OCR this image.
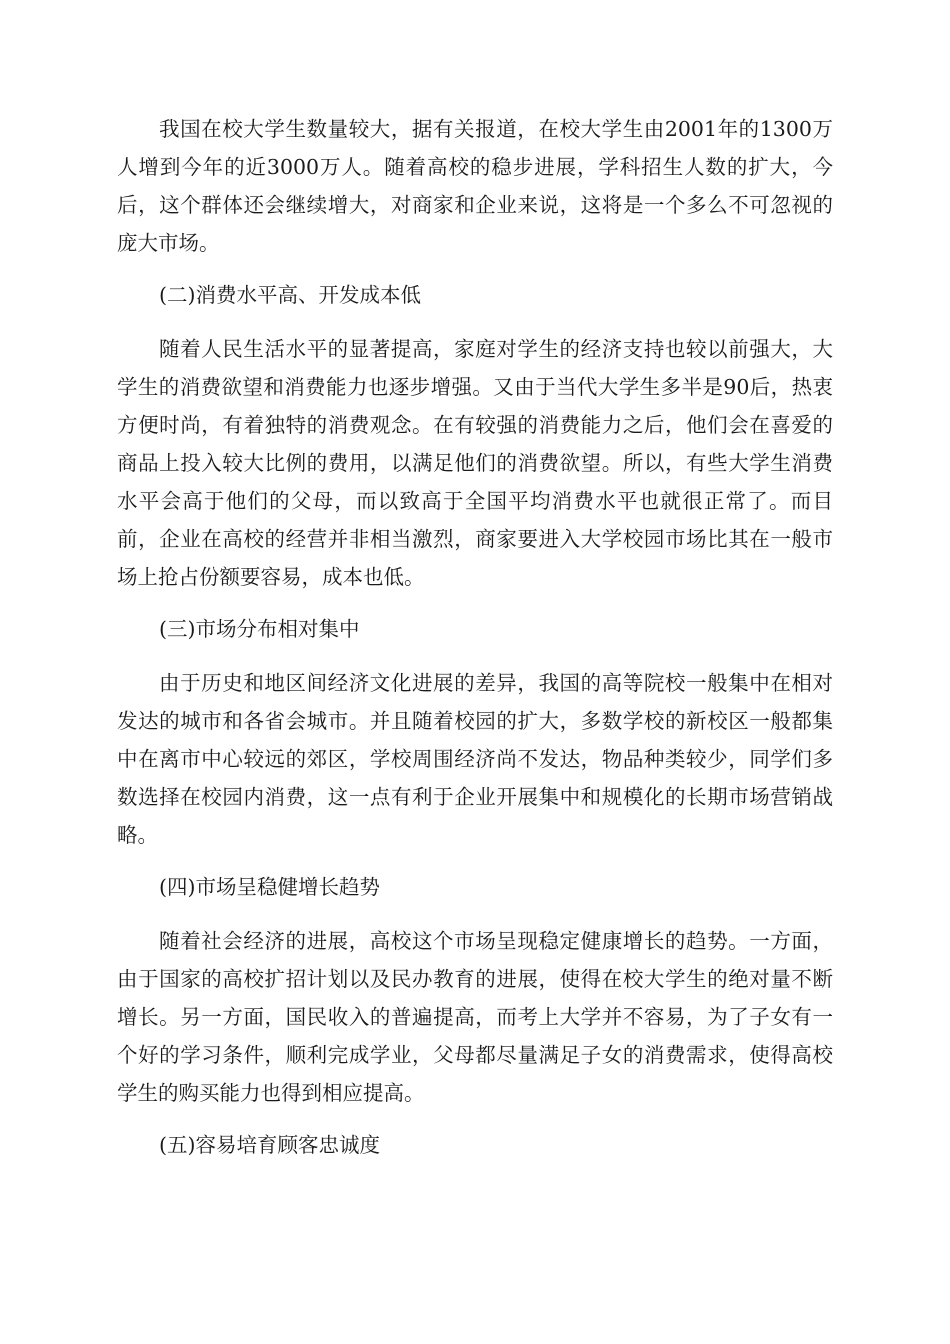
我国在校大学生数量较大，据有关报道，在校大学生由2001年的1300万人增到今年的近3000万人。随着高校的稳步进展，学科招生人数的扩大，今后，这个群体还会继续增大，对商家和企业来说，这将是一个多么不可忽视的庞大市场。

(二)消费水平高、开发成本低

随着人民生活水平的显著提高，家庭对学生的经济支持也较以前强大，大学生的消费欲望和消费能力也逐步增强。又由于当代大学生多半是90后，热衷方便时尚，有着独特的消费观念。在有较强的消费能力之后，他们会在喜爱的商品上投入较大比例的费用，以满足他们的消费欲望。所以，有些大学生消费水平会高于他们的父母，而以致高于全国平均消费水平也就很正常了。而目前，企业在高校的经营并非相当激烈，商家要进入大学校园市场比其在一般市场上抢占份额要容易，成本也低。

(三)市场分布相对集中

由于历史和地区间经济文化进展的差异，我国的高等院校一般集中在相对发达的城市和各省会城市。并且随着校园的扩大，多数学校的新校区一般都集中在离市中心较远的郊区，学校周围经济尚不发达，物品种类较少，同学们多数选择在校园内消费，这一点有利于企业开展集中和规模化的长期市场营销战略。

(四)市场呈稳健增长趋势

随着社会经济的进展，高校这个市场呈现稳定健康增长的趋势。一方面，由于国家的高校扩招计划以及民办教育的进展，使得在校大学生的绝对量不断增长。另一方面，国民收入的普遍提高，而考上大学并不容易，为了子女有一个好的学习条件，顺利完成学业，父母都尽量满足子女的消费需求，使得高校学生的购买能力也得到相应提高。

(五)容易培育顾客忠诚度
